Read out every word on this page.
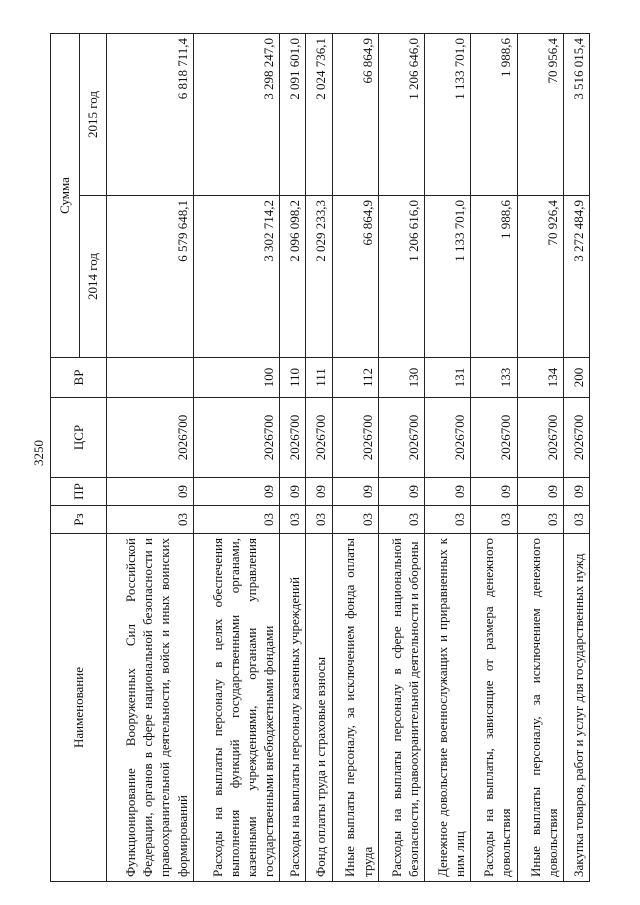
3250
Наименование	Рз	ПР	ЦСР	ВР	Сумма	
					2014 год	2015 год
Функционирование Вооруженных Сил Российской Федерации, органов в сфере национальной безопасности и правоохранительной деятельности, войск и иных воинских формирований	03	09	2026700		6 579 648,1	6 818 711,4
Расходы на выплаты персоналу в целях обеспечения выполнения функций государственными органами, казенными учреждениями, органами управления государственными внебюджетными фондами	03	09	2026700	100	3 302 714,2	3 298 247,0
Расходы на выплаты персоналу казенных учреждений	03	09	2026700	110	2 096 098,2	2 091 601,0
Фонд оплаты труда и страховые взносы	03	09	2026700	111	2 029 233,3	2 024 736,1
Иные выплаты персоналу, за исключением фонда оплаты труда	03	09	2026700	112	66 864,9	66 864,9
Расходы на выплаты персоналу в сфере национальной безопасности, правоохранительной деятельности и обороны	03	09	2026700	130	1 206 616,0	1 206 646,0
Денежное довольствие военнослужащих и приравненных к ним лиц	03	09	2026700	131	1 133 701,0	1 133 701,0
Расходы на выплаты, зависящие от размера денежного довольствия	03	09	2026700	133	1 988,6	1 988,6
Иные выплаты персоналу, за исключением денежного довольствия	03	09	2026700	134	70 926,4	70 956,4
Закупка товаров, работ и услуг для государственных нужд	03	09	2026700	200	3 272 484,9	3 516 015,4
